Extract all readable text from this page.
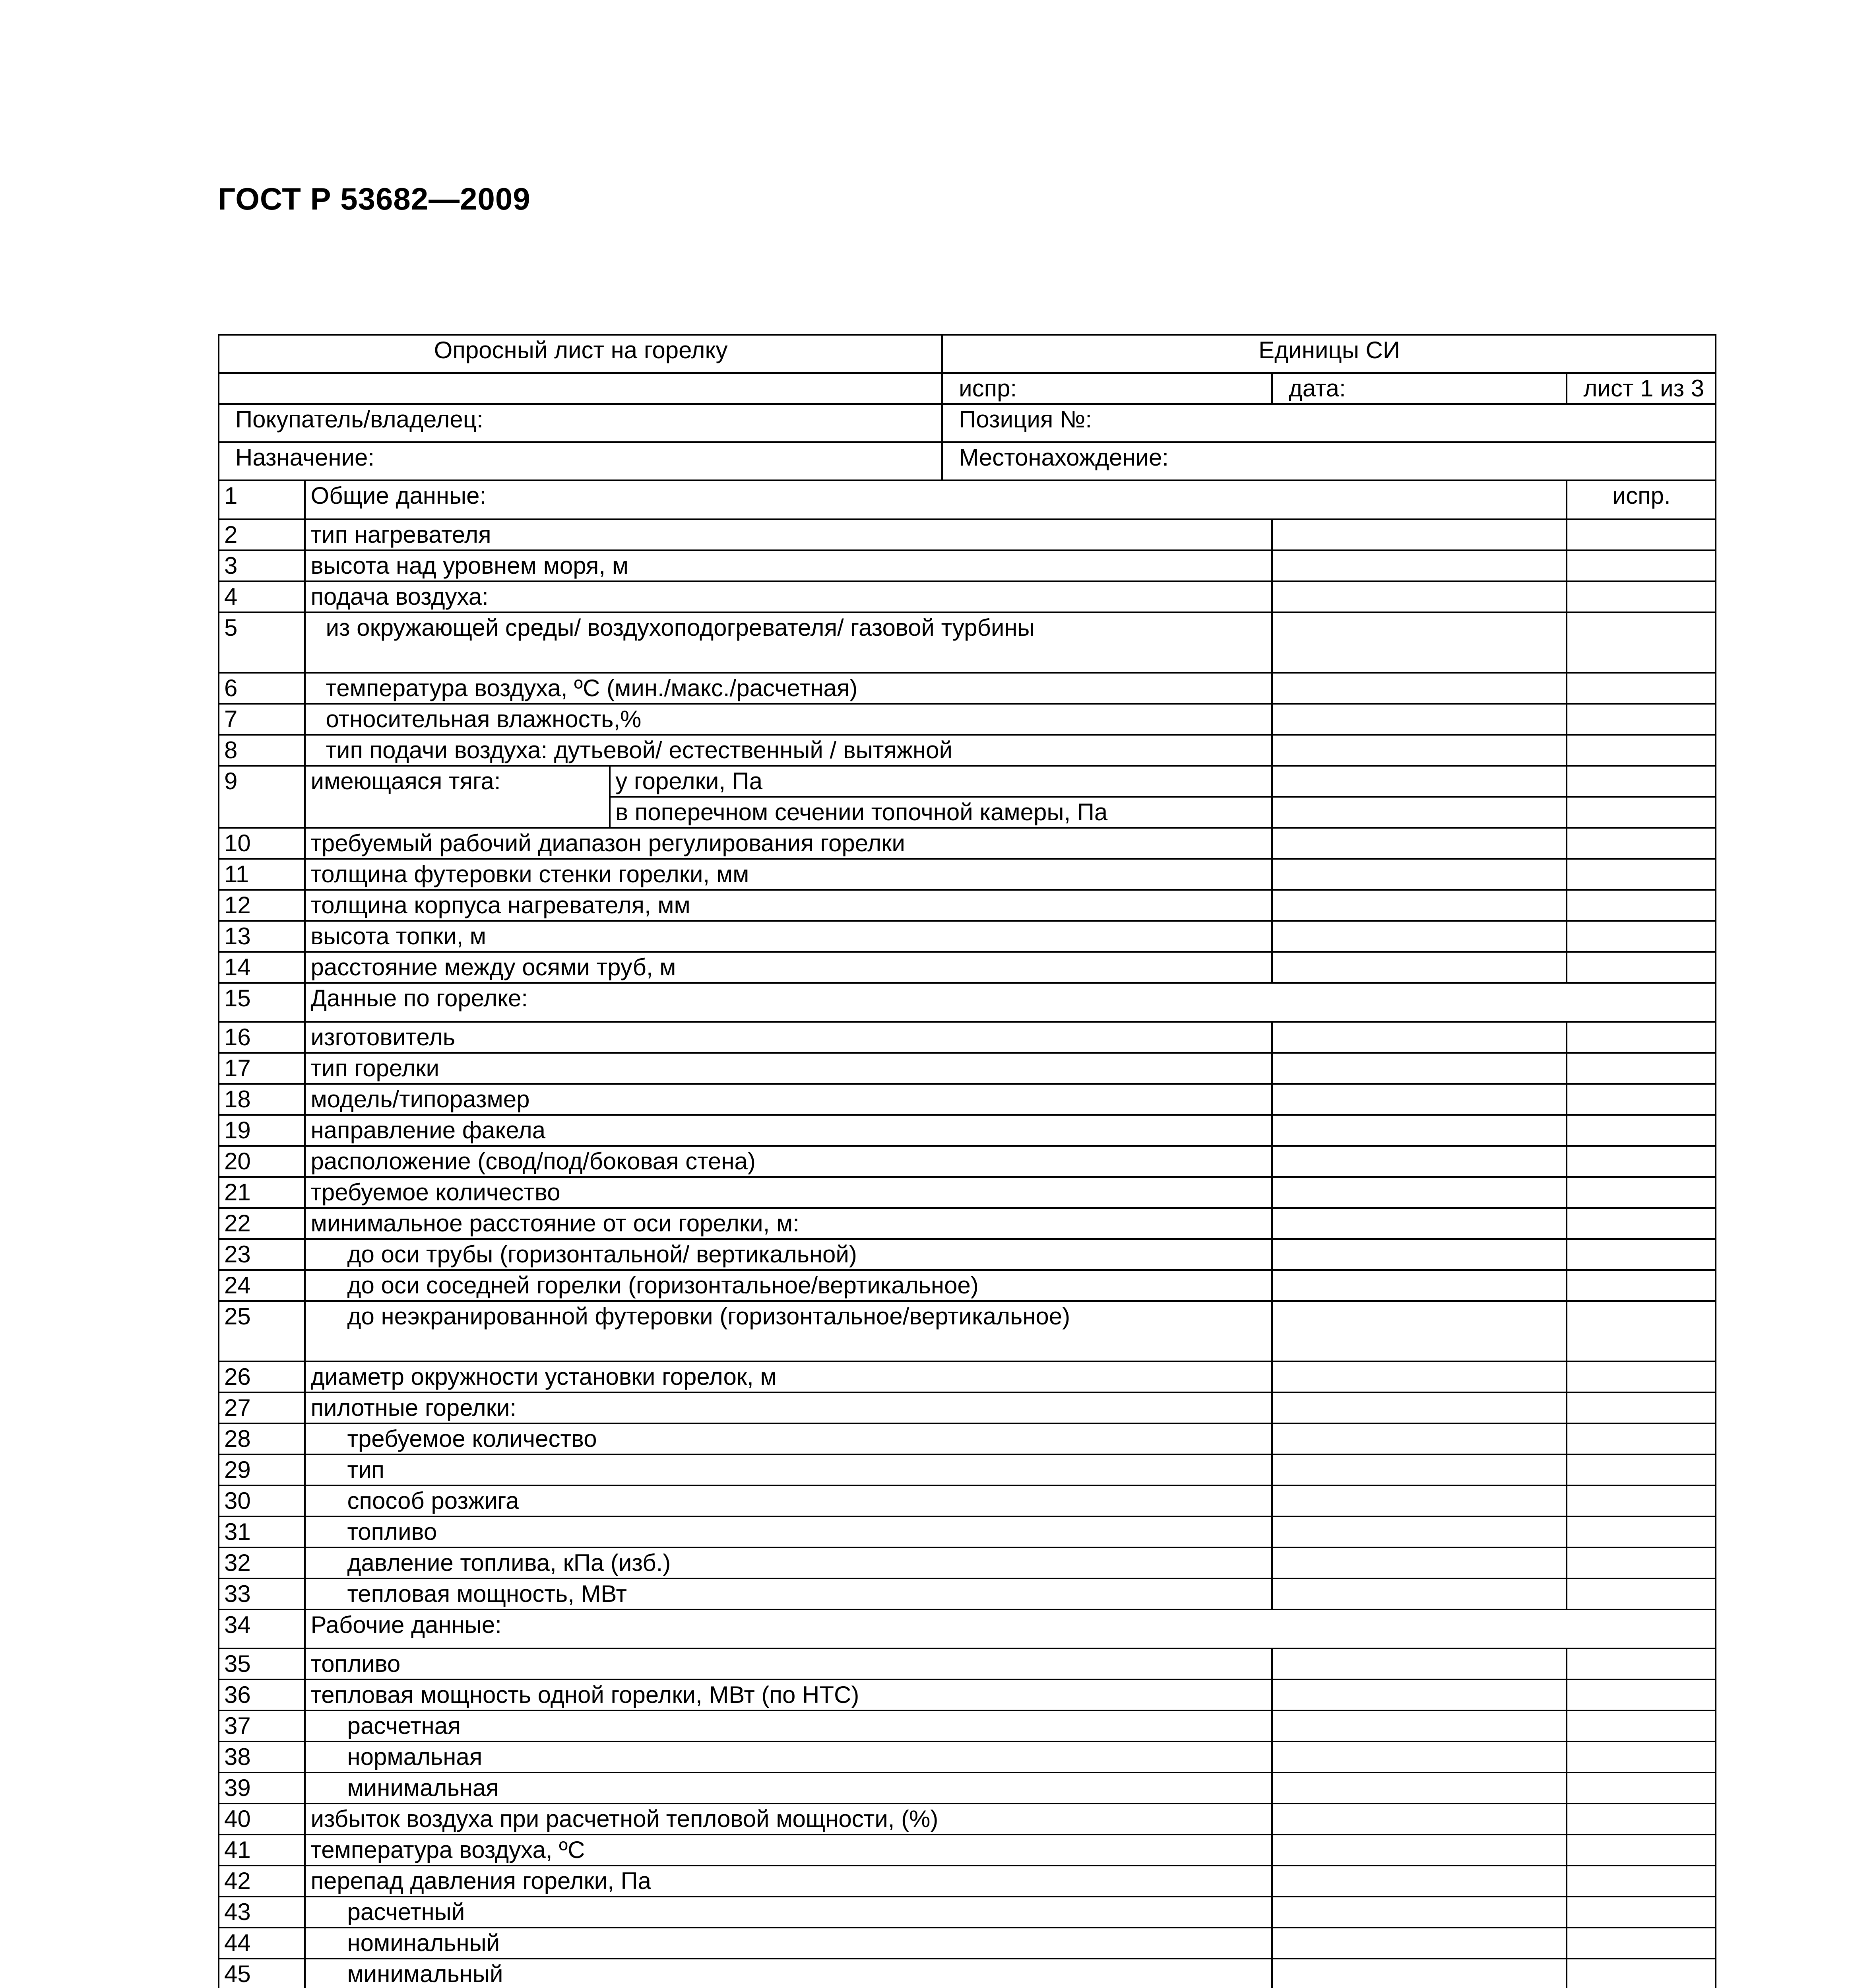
ГОСТ Р 53682—2009
Опросный лист на горелку			Единицы СИ		
			испр:	дата:	лист 1 из 3
Покупатель/владелец:			Позиция №:		
Назначение:			Местонахождение:		
1	Общие данные:				испр.
2	тип нагревателя				
3	высота над уровнем моря, м				
4	подача воздуха:				
5	из окружающей среды/ воздухоподогревателя/ газовой турбины				
6	температура воздуха, ºС (мин./макс./расчетная)				
7	относительная влажность,%				
8	тип подачи воздуха: дутьевой/ естественный / вытяжной				
9	имеющаяся тяга:	у горелки, Па			
		в поперечном сечении топочной камеры, Па			
10	требуемый рабочий диапазон регулирования горелки				
11	толщина футеровки стенки горелки, мм				
12	толщина корпуса нагревателя, мм				
13	высота топки, м				
14	расстояние между осями труб, м				
15	Данные по горелке:				
16	изготовитель				
17	тип горелки				
18	модель/типоразмер				
19	направление факела				
20	расположение (свод/под/боковая стена)				
21	требуемое количество				
22	минимальное расстояние от оси горелки, м:				
23	до оси трубы (горизонтальной/ вертикальной)				
24	до оси соседней горелки (горизонтальное/вертикальное)				
25	до неэкранированной футеровки (горизонтальное/вертикальное)				
26	диаметр окружности установки горелок, м				
27	пилотные горелки:				
28	требуемое количество				
29	тип				
30	способ розжига				
31	топливо				
32	давление топлива, кПа (изб.)				
33	тепловая мощность, МВт				
34	Рабочие данные:				
35	топливо				
36	тепловая мощность одной горелки, МВт (по НТС)				
37	расчетная				
38	нормальная				
39	минимальная				
40	избыток воздуха при расчетной тепловой мощности, (%)				
41	температура воздуха, ºС				
42	перепад давления горелки, Па				
43	расчетный				
44	номинальный				
45	минимальный				
